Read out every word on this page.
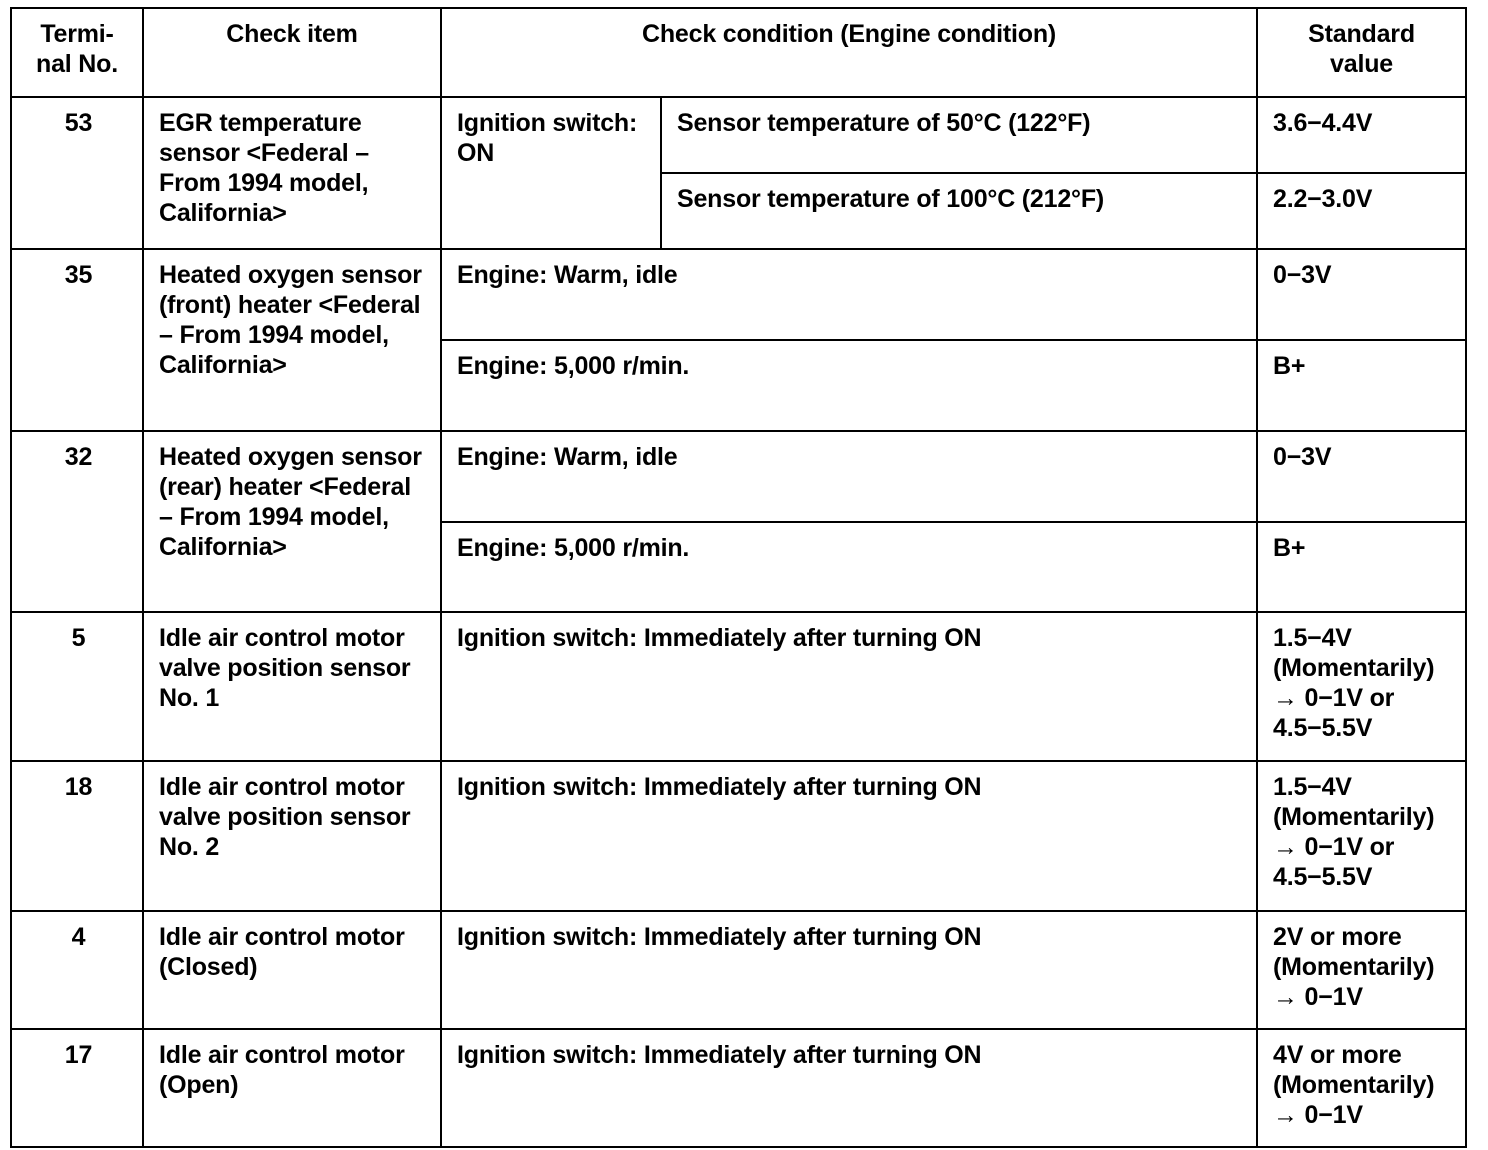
Termi-
nal No.	Check item	Check condition (Engine condition)		Standard
value
53	EGR temperature sensor <Federal – From 1994 model, California>	Ignition switch: ON	Sensor temperature of 50°C (122°F)	3.6−4.4V
			Sensor temperature of 100°C (212°F)	2.2−3.0V
35	Heated oxygen sensor (front) heater <Federal – From 1994 model, California>	Engine: Warm, idle		0−3V
		Engine: 5,000 r/min.		B+
32	Heated oxygen sensor (rear) heater <Federal – From 1994 model, California>	Engine: Warm, idle		0−3V
		Engine: 5,000 r/min.		B+
5	Idle air control motor valve position sensor No. 1	Ignition switch: Immediately after turning ON		1.5−4V
(Momentarily)
→ 0−1V or
4.5−5.5V
18	Idle air control motor valve position sensor No. 2	Ignition switch: Immediately after turning ON		1.5−4V
(Momentarily)
→ 0−1V or
4.5−5.5V
4	Idle air control motor (Closed)	Ignition switch: Immediately after turning ON		2V or more
(Momentarily)
→ 0−1V
17	Idle air control motor (Open)	Ignition switch: Immediately after turning ON		4V or more
(Momentarily)
→ 0−1V
